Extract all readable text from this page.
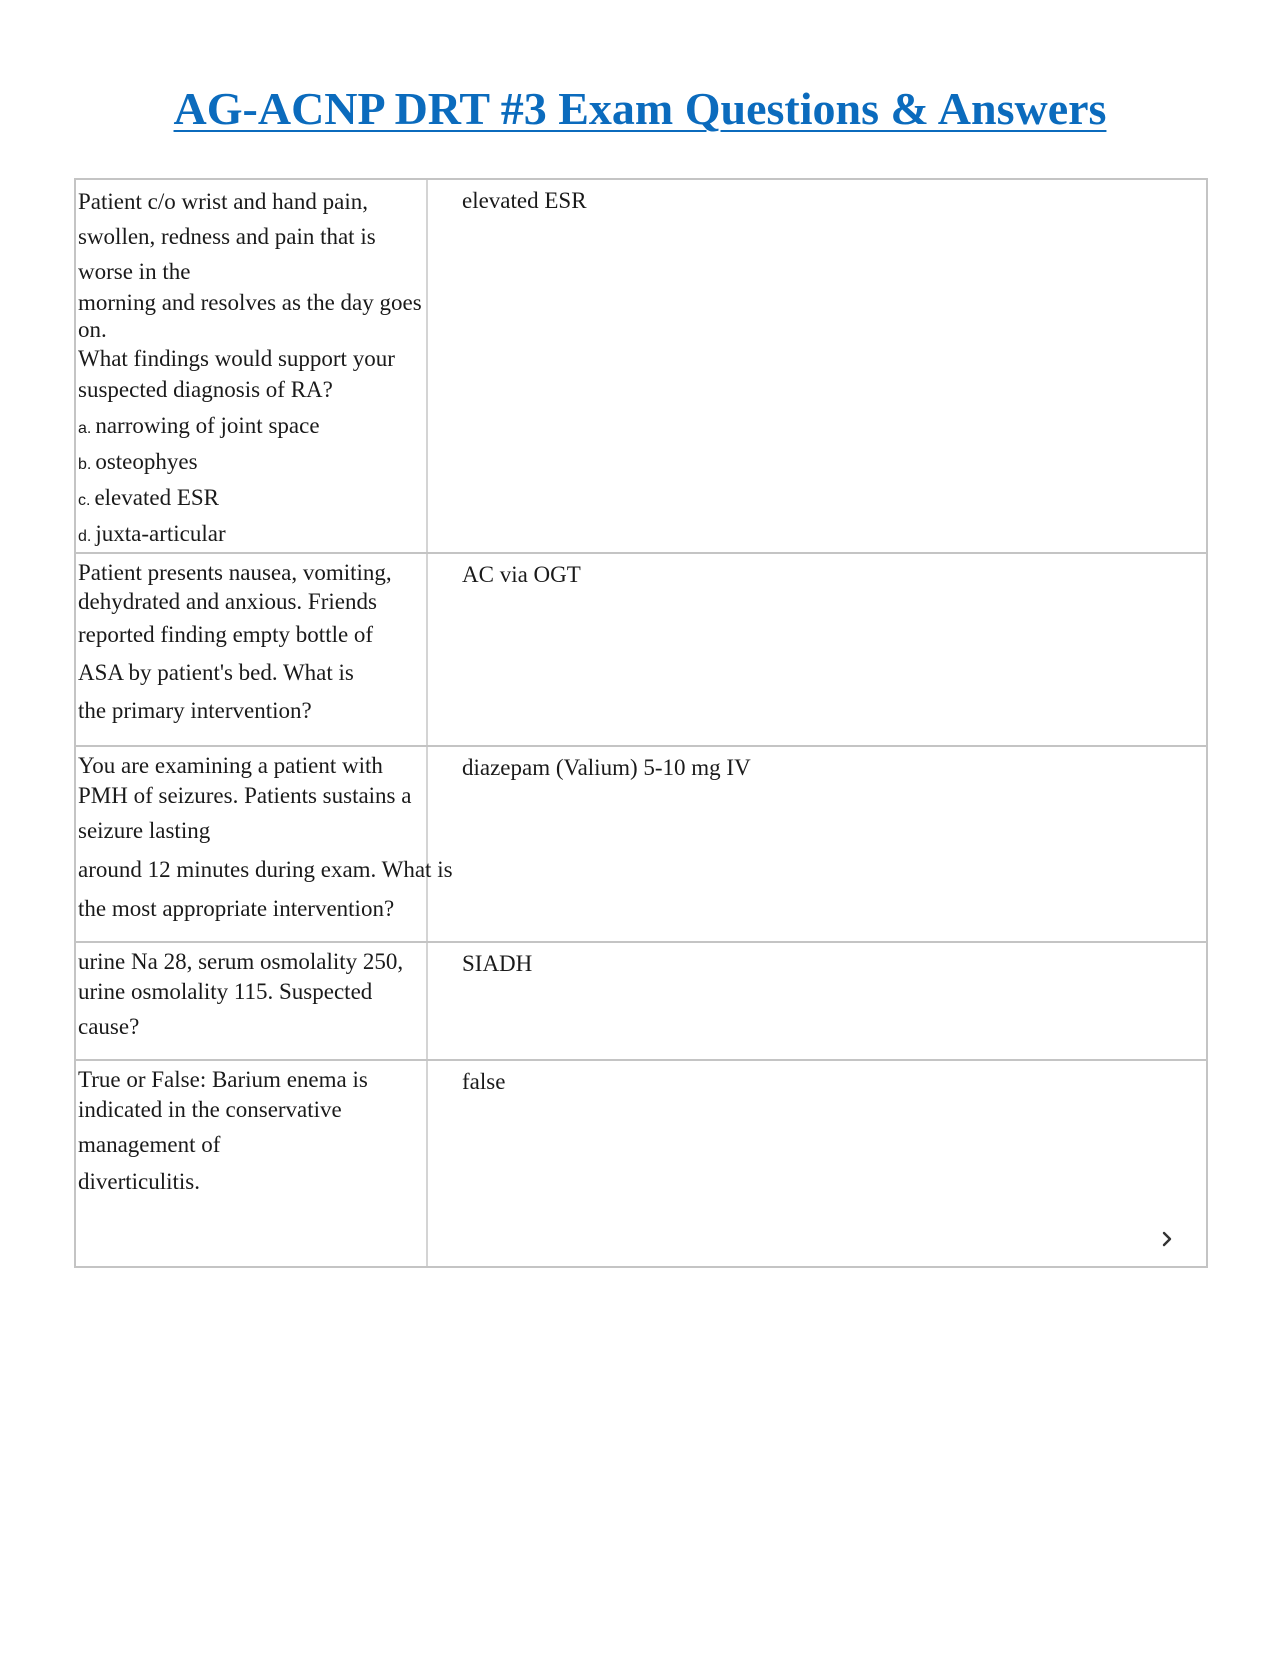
AG-ACNP DRT #3 Exam Questions & Answers
Patient c/o wrist and hand pain,
swollen, redness and pain that is
worse in the
morning and resolves as the day goes
on.
What findings would support your
suspected diagnosis of RA?
a. narrowing of joint space
b. osteophyes
c. elevated ESR
d. juxta-articular
elevated ESR
Patient presents nausea, vomiting,
dehydrated and anxious. Friends
reported finding empty bottle of
ASA by patient's bed. What is
the primary intervention?
AC via OGT
You are examining a patient with
PMH of seizures. Patients sustains a
seizure lasting
around 12 minutes during exam. What is
the most appropriate intervention?
diazepam (Valium) 5-10 mg IV
urine Na 28, serum osmolality 250,
urine osmolality 115. Suspected
cause?
SIADH
True or False: Barium enema is
indicated in the conservative
management of
diverticulitis.
false
